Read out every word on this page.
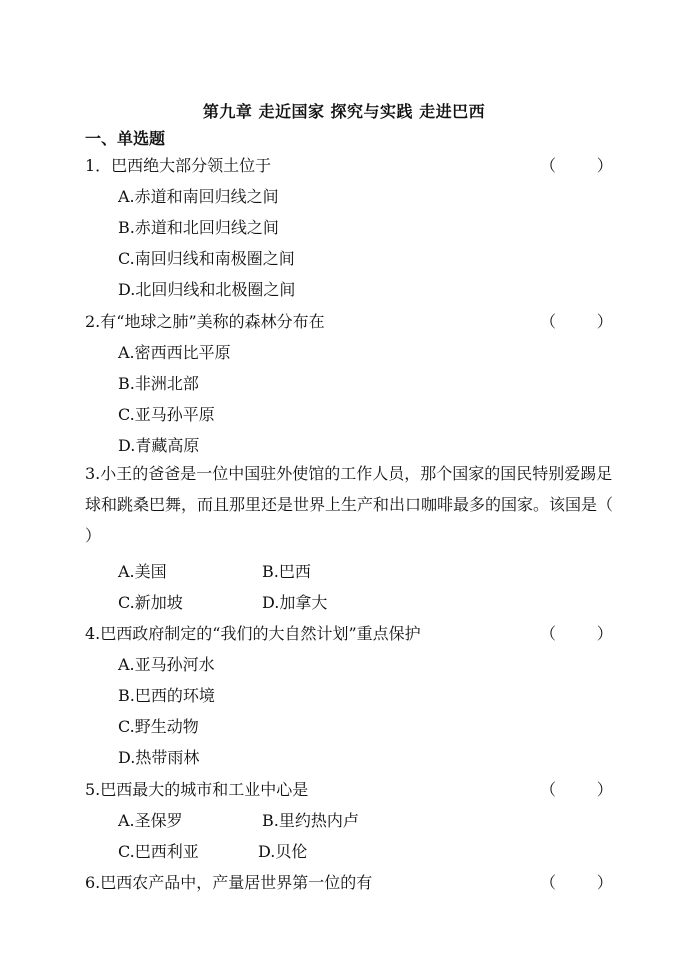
第九章 走近国家 探究与实践 走进巴西
一、单选题
1．巴西绝大部分领土位于	（        ）
A.赤道和南回归线之间
B.赤道和北回归线之间
C.南回归线和南极圈之间
D.北回归线和北极圈之间
2.有“地球之肺”美称的森林分布在	（        ）
A.密西西比平原
B.非洲北部
C.亚马孙平原
D.青藏高原
3.小王的爸爸是一位中国驻外使馆的工作人员，那个国家的国民特别爱踢足球和跳桑巴舞，而且那里还是世界上生产和出口咖啡最多的国家。该国是（ ）
A.美国	B.巴西
C.新加坡	D.加拿大
4.巴西政府制定的“我们的大自然计划”重点保护	（        ）
A.亚马孙河水
B.巴西的环境
C.野生动物
D.热带雨林
5.巴西最大的城市和工业中心是	（        ）
A.圣保罗	B.里约热内卢
C.巴西利亚	D.贝伦
6.巴西农产品中，产量居世界第一位的有	（        ）
